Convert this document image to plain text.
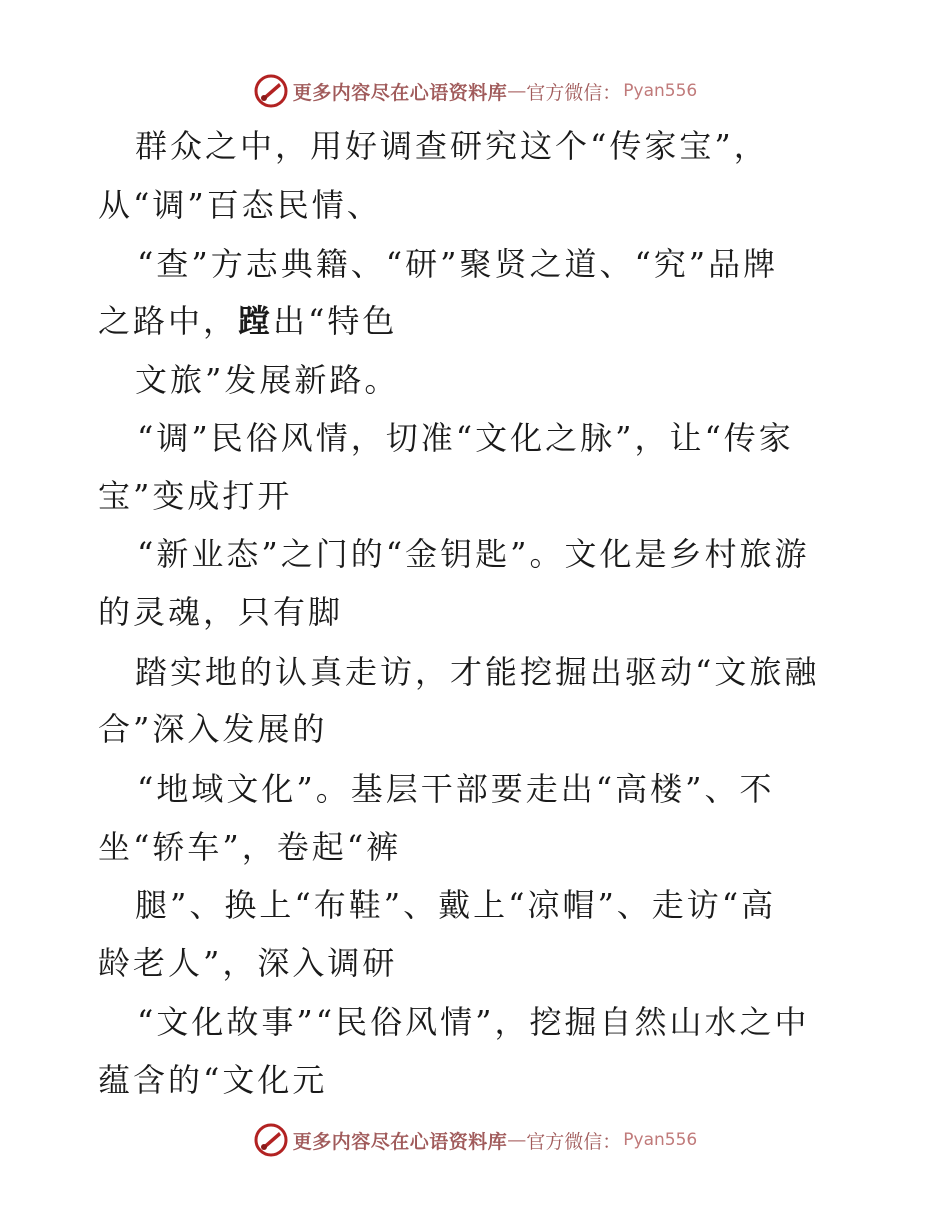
更多内容尽在心语资料库 — 官方微信： Pyan556
群众之中，用好调查研究这个“传家宝”，
从“调”百态民情、
“查”方志典籍、“研”聚贤之道、“究”品牌
之路中，蹚出“特色
文旅”发展新路。
“调”民俗风情，切准“文化之脉”，让“传家
宝”变成打开
“新业态”之门的“金钥匙”。文化是乡村旅游
的灵魂，只有脚
踏实地的认真走访，才能挖掘出驱动“文旅融
合”深入发展的
“地域文化”。基层干部要走出“高楼”、不
坐“轿车”，卷起“裤
腿”、换上“布鞋”、戴上“凉帽”、走访“高
龄老人”，深入调研
“文化故事”“民俗风情”，挖掘自然山水之中
蕴含的“文化元
更多内容尽在心语资料库 — 官方微信： Pyan556
